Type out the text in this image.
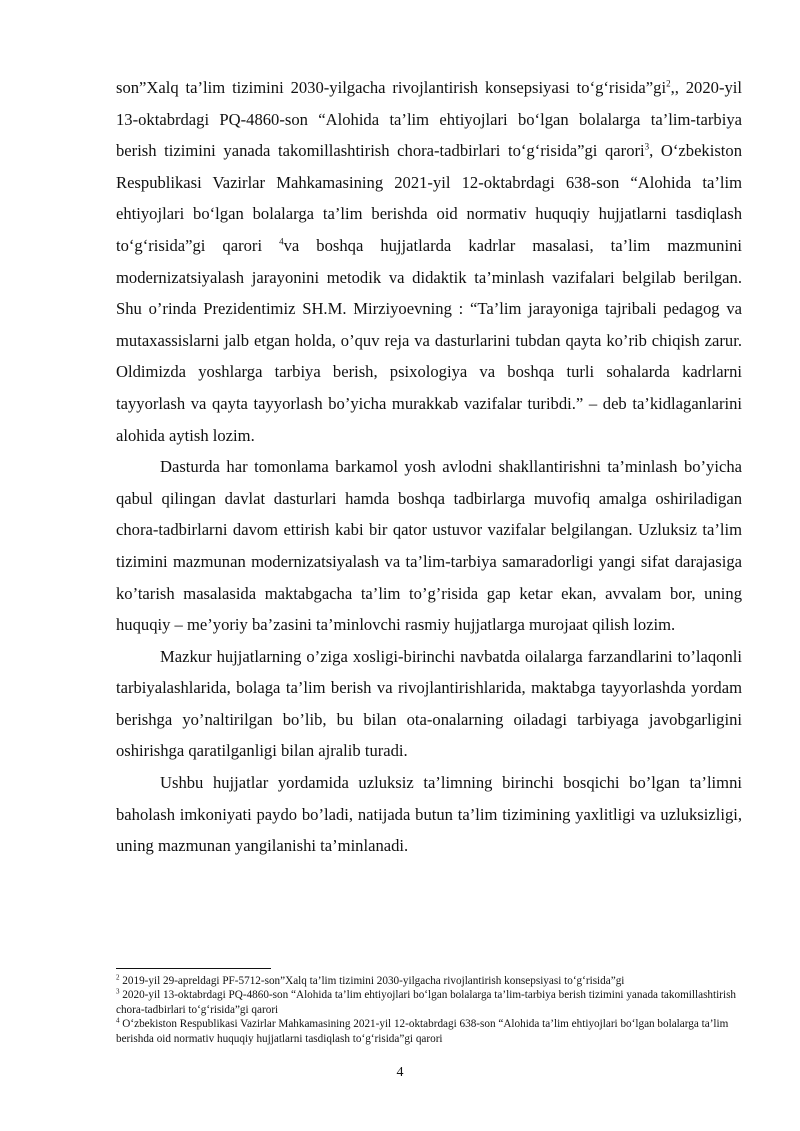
son”Xalq ta’lim tizimini 2030-yilgacha rivojlantirish konsepsiyasi $to‘g‘risida”gi^2$,, 2020-yil 13-oktabrdagi PQ-4860-son “Alohida ta’lim ehtiyojlari bo‘lgan bolalarga ta’lim-tarbiya berish tizimini yanada takomillashtirish chora-tadbirlari to‘g‘risida”gi qarori$^3$, O‘zbekiston Respublikasi Vazirlar Mahkamasining 2021-yil 12-oktabrdagi 638-son “Alohida ta’lim ehtiyojlari bo‘lgan bolalarga ta’lim berishda oid normativ huquqiy hujjatlarni tasdiqlash to‘g‘risida”gi qarori $^4$va boshqa hujjatlarda kadrlar masalasi, ta’lim mazmunini modernizatsiyalash jarayonini metodik va didaktik ta’minlash vazifalari belgilab berilgan. Shu o’rinda Prezidentimiz SH.M. Mirziyoevning : “Ta’lim jarayoniga tajribali pedagog va mutaxassislarni jalb etgan holda, o’quv reja va dasturlarini tubdan qayta ko’rib chiqish zarur. Oldimizda yoshlarga tarbiya berish, psixologiya va boshqa turli sohalarda kadrlarni tayyorlash va qayta tayyorlash bo’yicha murakkab vazifalar turibdi.” – deb ta’kidlaganlarini alohida aytish lozim.

Dasturda har tomonlama barkamol yosh avlodni shakllantirishni ta’minlash bo’yicha qabul qilingan davlat dasturlari hamda boshqa tadbirlarga muvofiq amalga oshiriladigan chora-tadbirlarni davom ettirish kabi bir qator ustuvor vazifalar belgilangan. Uzluksiz ta’lim tizimini mazmunan modernizatsiyalash va ta’lim-tarbiya samaradorligi yangi sifat darajasiga ko’tarish masalasida maktabgacha ta’lim to’g’risida gap ketar ekan, avvalam bor, uning huquqiy – me’yoriy ba’zasini ta’minlovchi rasmiy hujjatlarga murojaat qilish lozim.

Mazkur hujjatlarning o’ziga xosligi-birinchi navbatda oilalarga farzandlarini to’laqonli tarbiyalashlarida, bolaga ta’lim berish va rivojlantirishlarida, maktabga tayyorlashda yordam berishga yo’naltirilgan bo’lib, bu bilan ota-onalarning oiladagi tarbiyaga javobgarligini oshirishga qaratilganligi bilan ajralib turadi.

Ushbu hujjatlar yordamida uzluksiz ta’limning birinchi bosqichi bo’lgan ta’limni baholash imkoniyati paydo bo’ladi, natijada butun ta’lim tizimining yaxlitligi va uzluksizligi, uning mazmunan yangilanishi ta’minlanadi.

$^2$ 2019-yil 29-apreldagi PF-5712-son”Xalq ta’lim tizimini 2030-yilgacha rivojlantirish konsepsiyasi to‘g‘risida”gi

$^3$ 2020-yil 13-oktabrdagi PQ-4860-son “Alohida ta’lim ehtiyojlari bo‘lgan bolalarga ta’lim-tarbiya berish tizimini yanada takomillashtirish chora-tadbirlari to‘g‘risida”gi qarori

$^4$ O‘zbekiston Respublikasi Vazirlar Mahkamasining 2021-yil 12-oktabrdagi 638-son “Alohida ta’lim ehtiyojlari bo‘lgan bolalarga ta’lim berishda oid normativ huquqiy hujjatlarni tasdiqlash to‘g‘risida”gi qarori

4
